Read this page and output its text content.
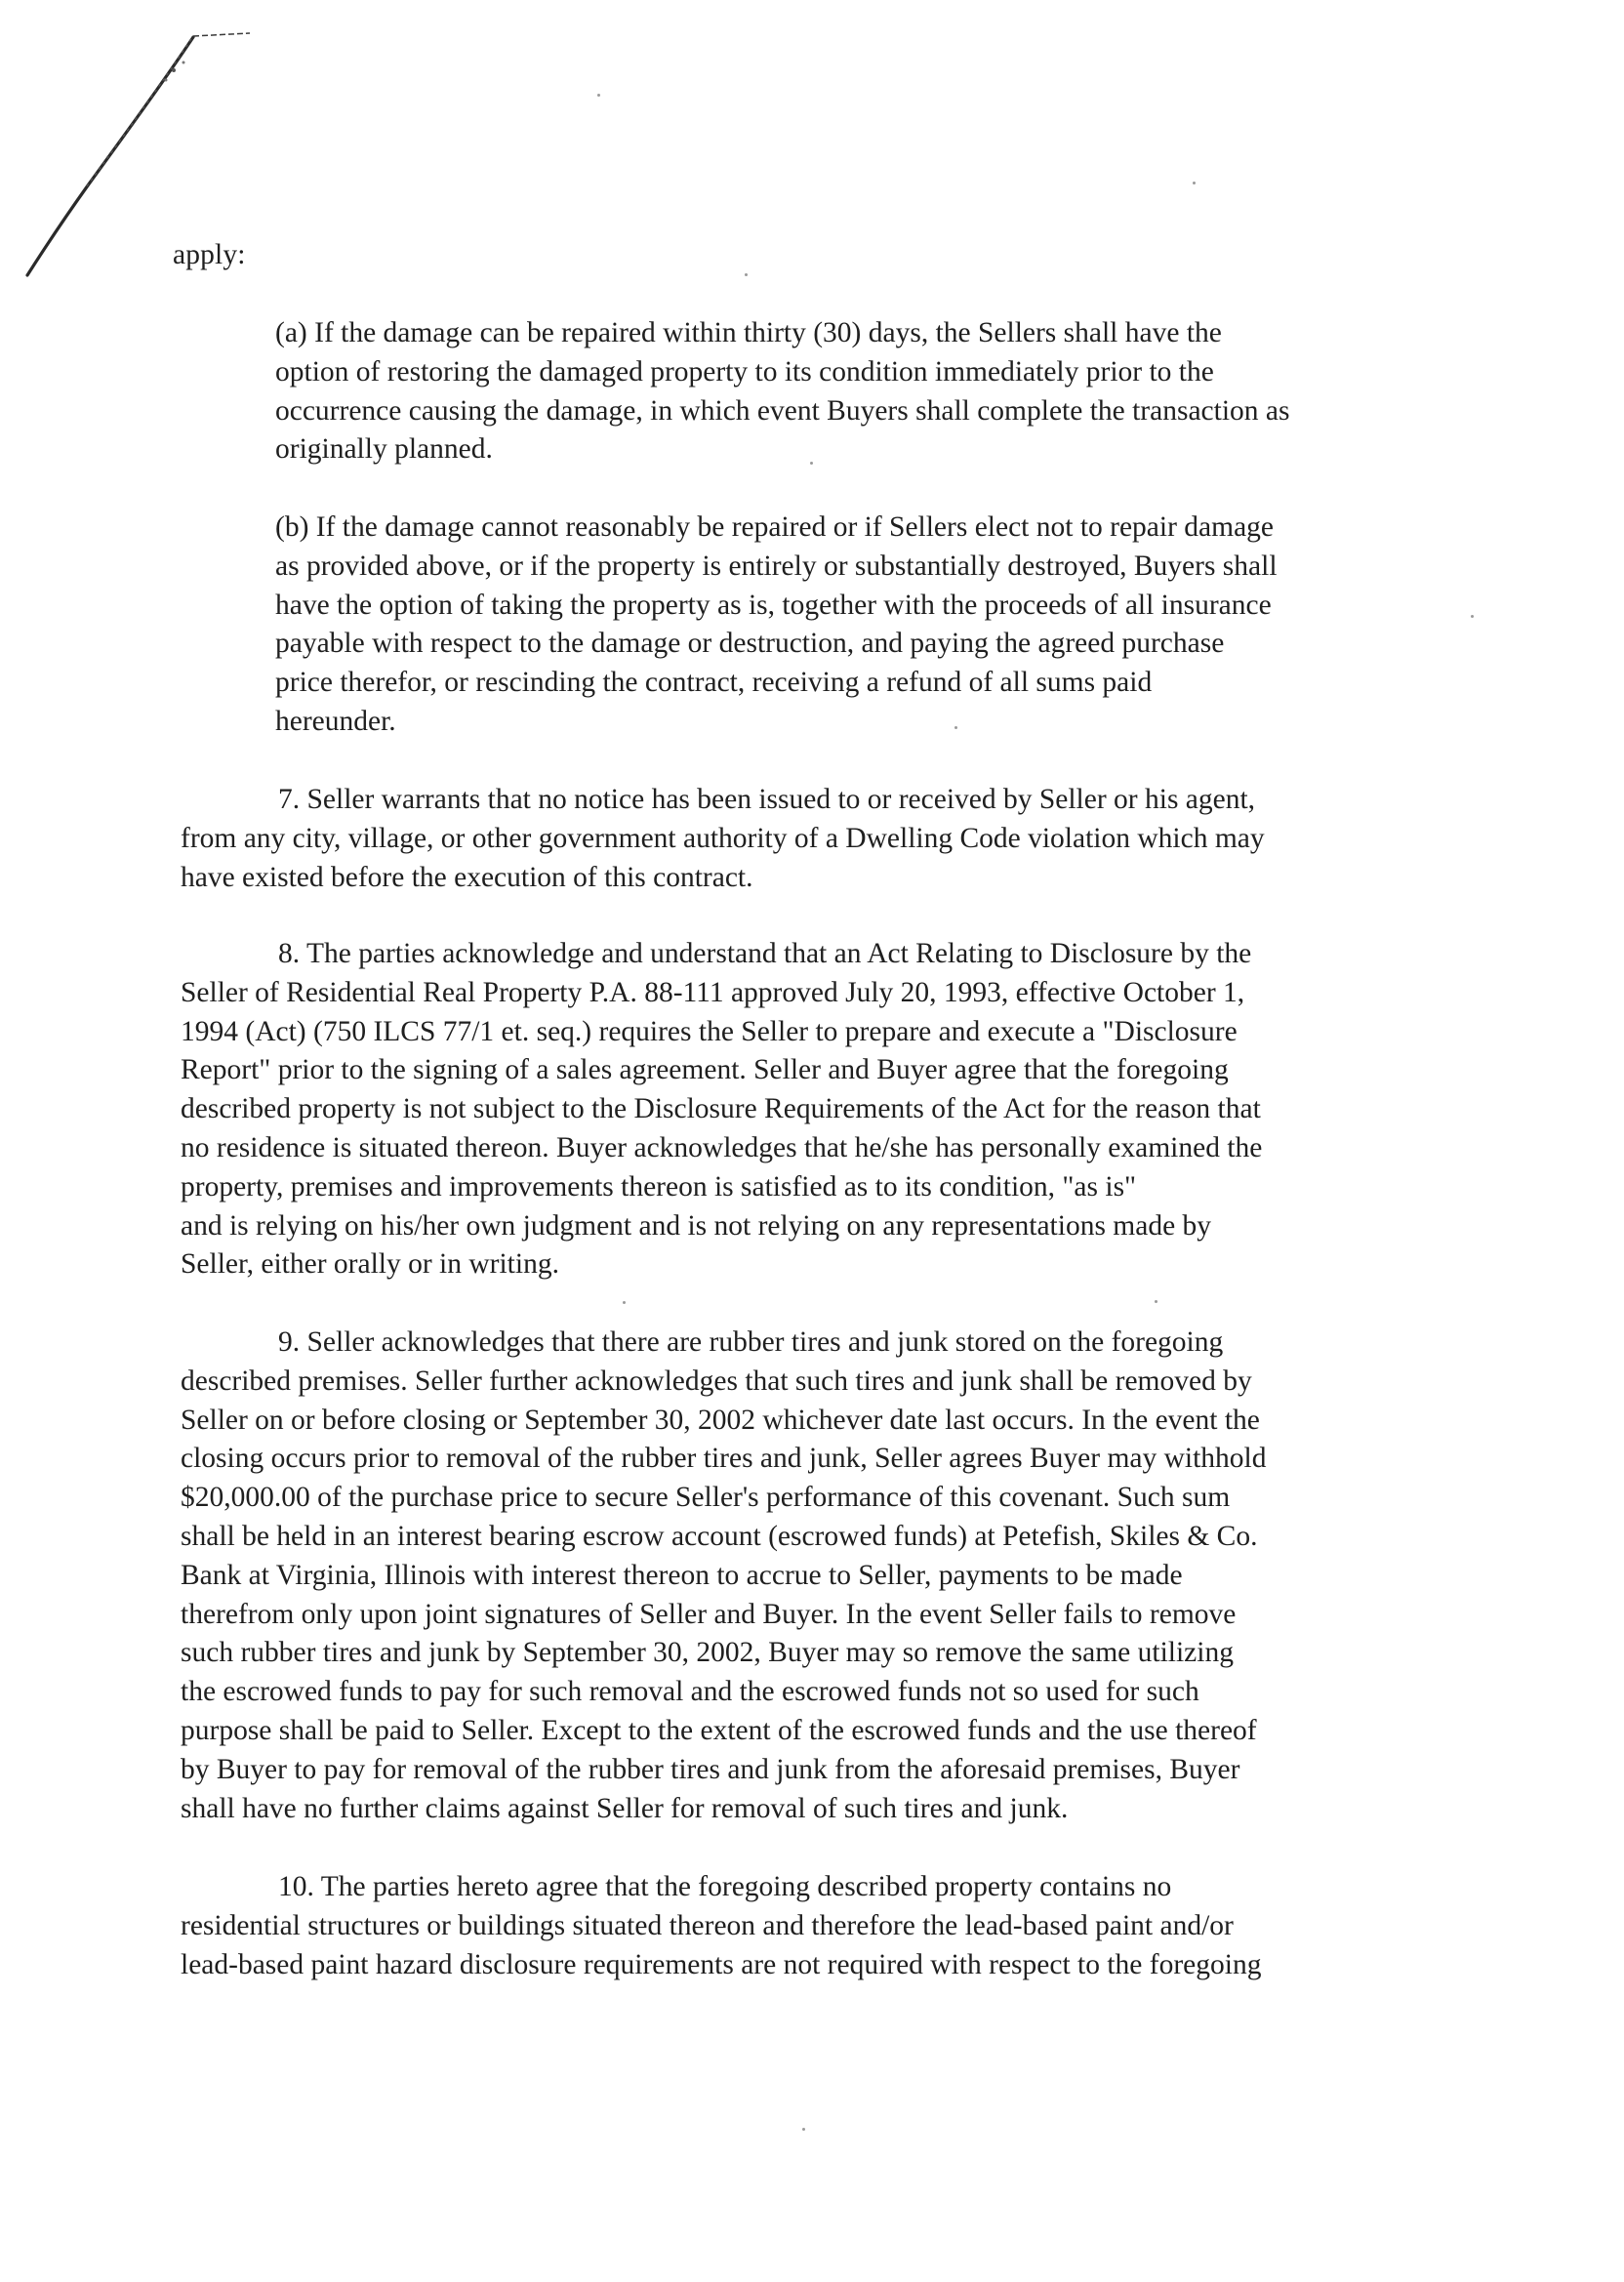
apply:

(a) If the damage can be repaired within thirty (30) days, the Sellers shall have the
option of restoring the damaged property to its condition immediately prior to the
occurrence causing the damage, in which event Buyers shall complete the transaction as
originally planned.

(b) If the damage cannot reasonably be repaired or if Sellers elect not to repair damage
as provided above, or if the property is entirely or substantially destroyed, Buyers shall
have the option of taking the property as is, together with the proceeds of all insurance
payable with respect to the damage or destruction, and paying the agreed purchase
price therefor, or rescinding the contract, receiving a refund of all sums paid
hereunder.

7. Seller warrants that no notice has been issued to or received by Seller or his agent,
from any city, village, or other government authority of a Dwelling Code violation which may
have existed before the execution of this contract.

8. The parties acknowledge and understand that an Act Relating to Disclosure by the
Seller of Residential Real Property P.A. 88-111 approved July 20, 1993, effective October 1,
1994 (Act) (750 ILCS 77/1 et. seq.) requires the Seller to prepare and execute a "Disclosure
Report" prior to the signing of a sales agreement. Seller and Buyer agree that the foregoing
described property is not subject to the Disclosure Requirements of the Act for the reason that
no residence is situated thereon. Buyer acknowledges that he/she has personally examined the
property, premises and improvements thereon is satisfied as to its condition, "as is"
and is relying on his/her own judgment and is not relying on any representations made by
Seller, either orally or in writing.

9. Seller acknowledges that there are rubber tires and junk stored on the foregoing
described premises. Seller further acknowledges that such tires and junk shall be removed by
Seller on or before closing or September 30, 2002 whichever date last occurs. In the event the
closing occurs prior to removal of the rubber tires and junk, Seller agrees Buyer may withhold
$20,000.00 of the purchase price to secure Seller's performance of this covenant. Such sum
shall be held in an interest bearing escrow account (escrowed funds) at Petefish, Skiles & Co.
Bank at Virginia, Illinois with interest thereon to accrue to Seller, payments to be made
therefrom only upon joint signatures of Seller and Buyer. In the event Seller fails to remove
such rubber tires and junk by September 30, 2002, Buyer may so remove the same utilizing
the escrowed funds to pay for such removal and the escrowed funds not so used for such
purpose shall be paid to Seller. Except to the extent of the escrowed funds and the use thereof
by Buyer to pay for removal of the rubber tires and junk from the aforesaid premises, Buyer
shall have no further claims against Seller for removal of such tires and junk.

10. The parties hereto agree that the foregoing described property contains no
residential structures or buildings situated thereon and therefore the lead-based paint and/or
lead-based paint hazard disclosure requirements are not required with respect to the foregoing
